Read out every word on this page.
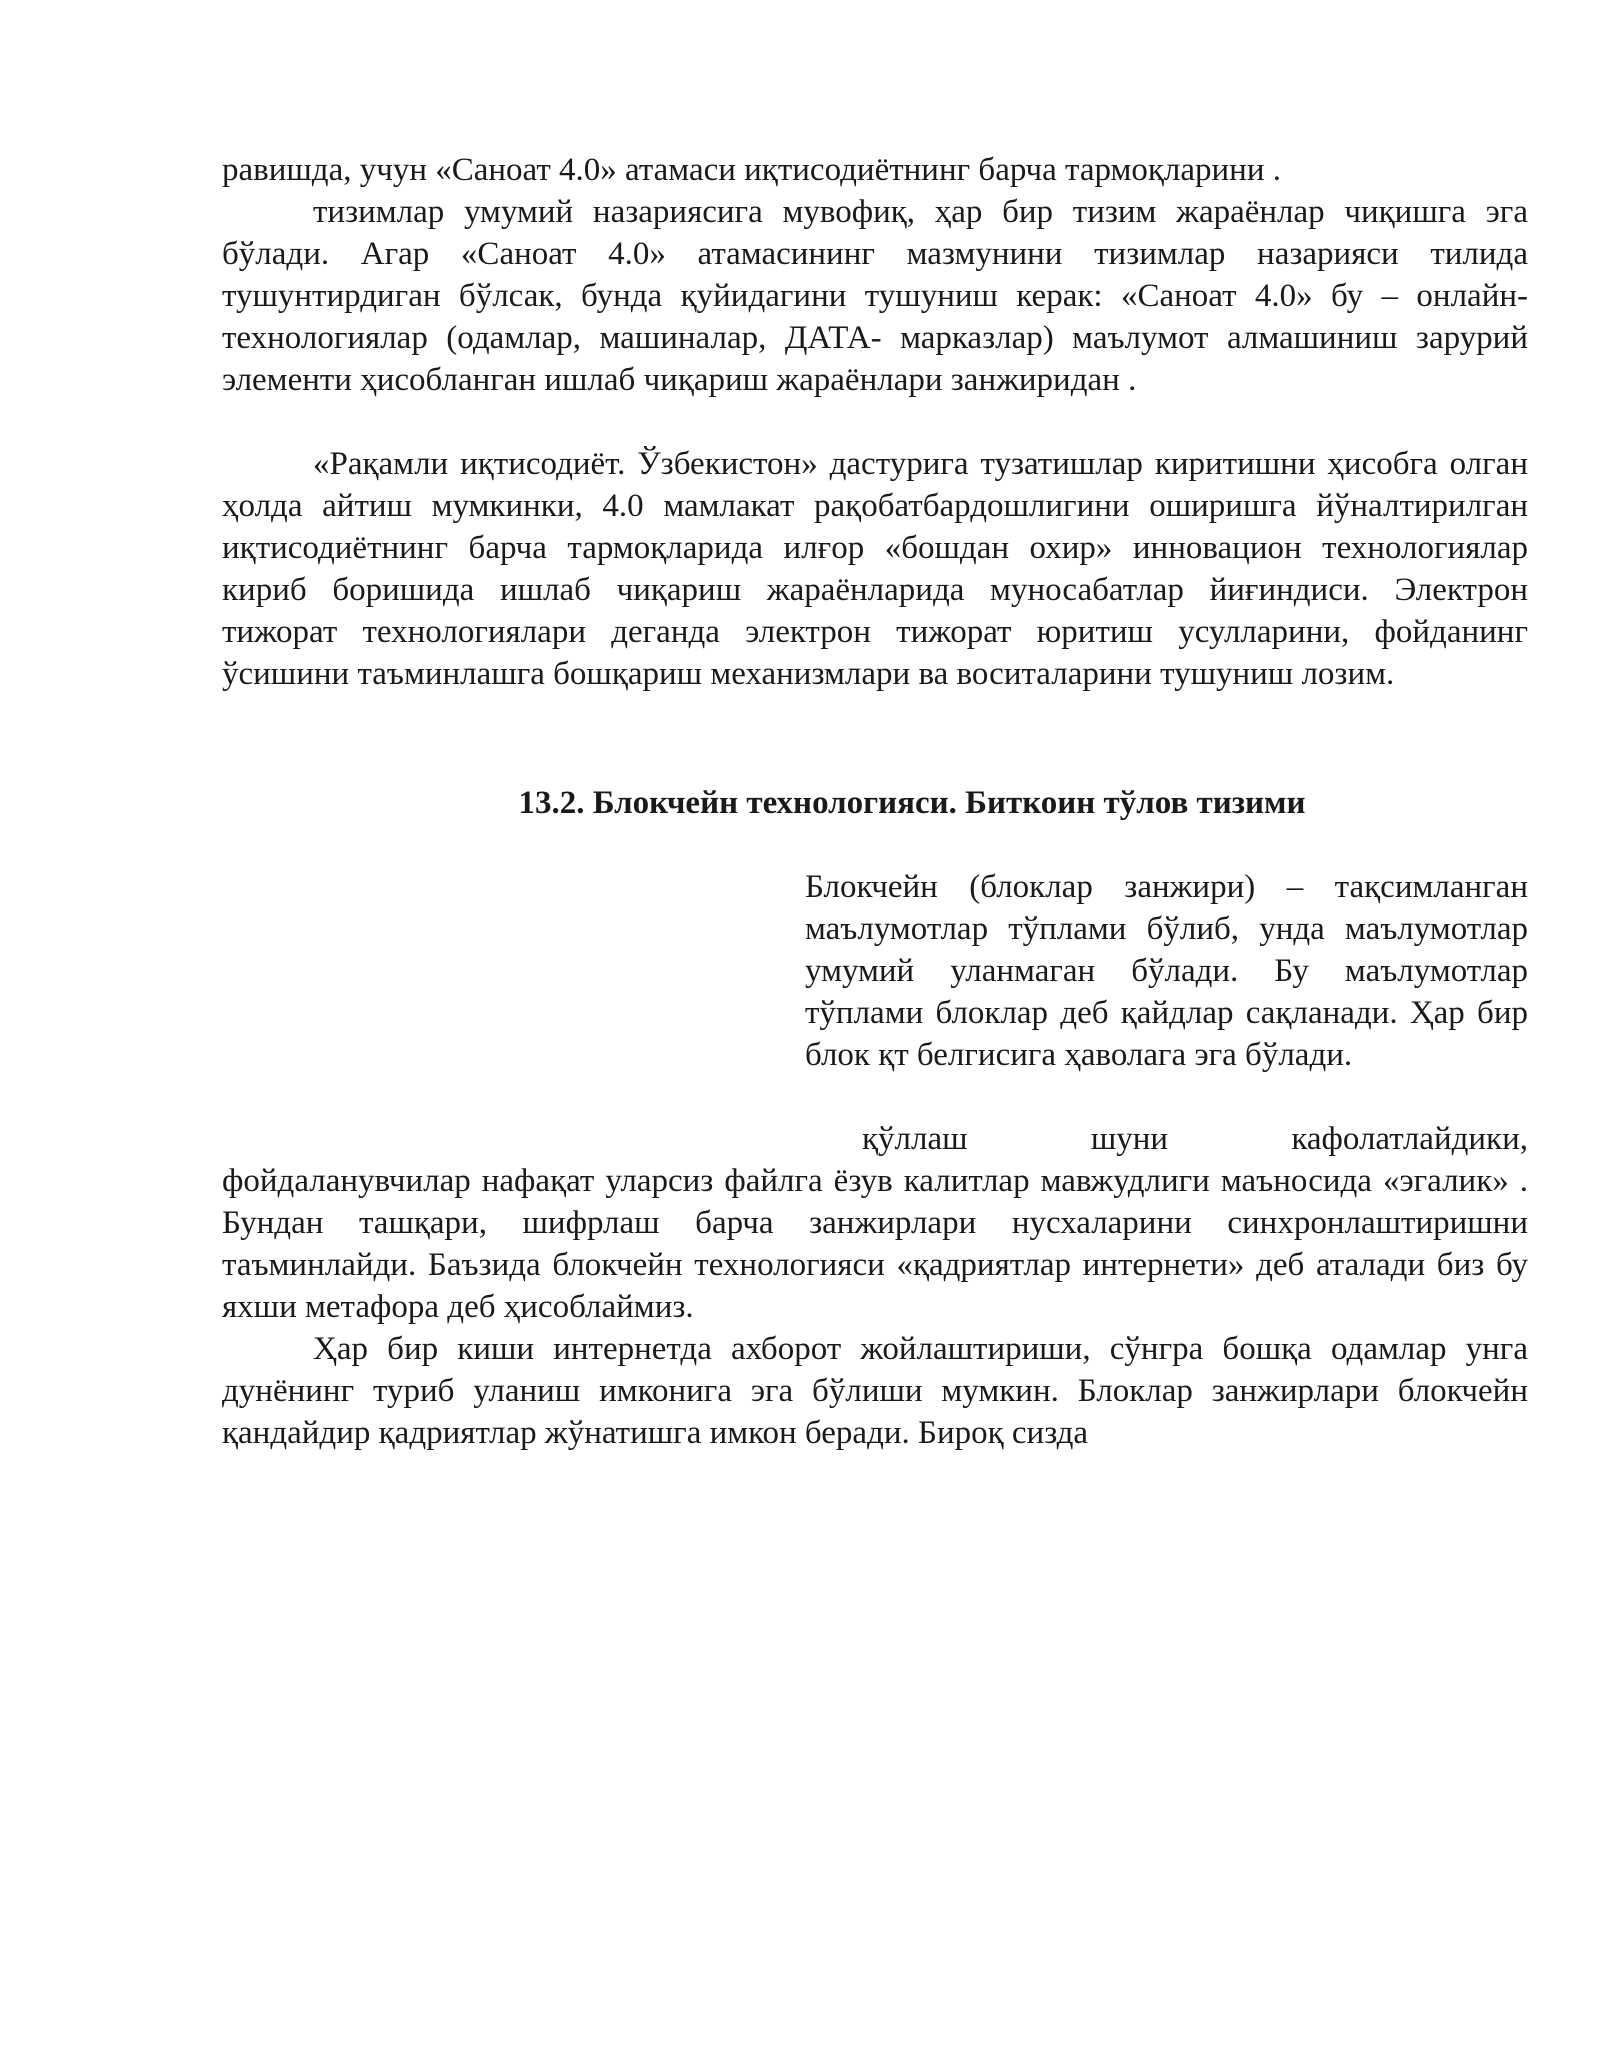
равишда, учун «Саноат 4.0» атамаси иқтисодиётнинг барча тармоқларини .

тизимлар умумий назариясига мувофиқ, ҳар бир тизим жараёнлар чиқишга эга бўлади. Агар «Саноат 4.0» атамасининг мазмунини тизимлар назарияси тилида тушунтирдиган бўлсак, бунда қуйидагини тушуниш керак: «Саноат 4.0» бу – онлайн-технологиялар (одамлар, машиналар, ДАТА- марказлар) маълумот алмашиниш зарурий элементи ҳисобланган ишлаб чиқариш жараёнлари занжиридан .

«Рақамли иқтисодиёт. Ўзбекистон» дастурига тузатишлар киритишни ҳисобга олган ҳолда айтиш мумкинки, 4.0 мамлакат рақобатбардошлигини оширишга йўналтирилган иқтисодиётнинг барча тармоқларида илғор «бошдан охир» инновацион технологиялар кириб боришида ишлаб чиқариш жараёнларида муносабатлар йиғиндиси. Электрон тижорат технологиялари деганда электрон тижорат юритиш усулларини, фойданинг ўсишини таъминлашга бошқариш механизмлари ва воситаларини тушуниш лозим.

13.2. Блокчейн технологияси. Биткоин тўлов тизими

Блокчейн (блоклар занжири) – тақсимланган маълумотлар тўплами бўлиб, унда маълумотлар умумий уланмаган бўлади. Бу маълумотлар тўплами блоклар деб қайдлар сақланади. Ҳар бир блок қт белгисига ҳаволага эга бўлади.

қўллаш шуни кафолатлайдики, фойдаланувчилар нафақат уларсиз файлга ёзув калитлар мавжудлиги маъносида «эгалик» . Бундан ташқари, шифрлаш барча занжирлари нусхаларини синхронлаштиришни таъминлайди. Баъзида блокчейн технологияси «қадриятлар интернети» деб аталади биз бу яхши метафора деб ҳисоблаймиз.

Ҳар бир киши интернетда ахборот жойлаштириши, сўнгра бошқа одамлар унга дунёнинг туриб уланиш имконига эга бўлиши мумкин. Блоклар занжирлари блокчейн қандайдир қадриятлар жўнатишга имкон беради. Бироқ сизда
